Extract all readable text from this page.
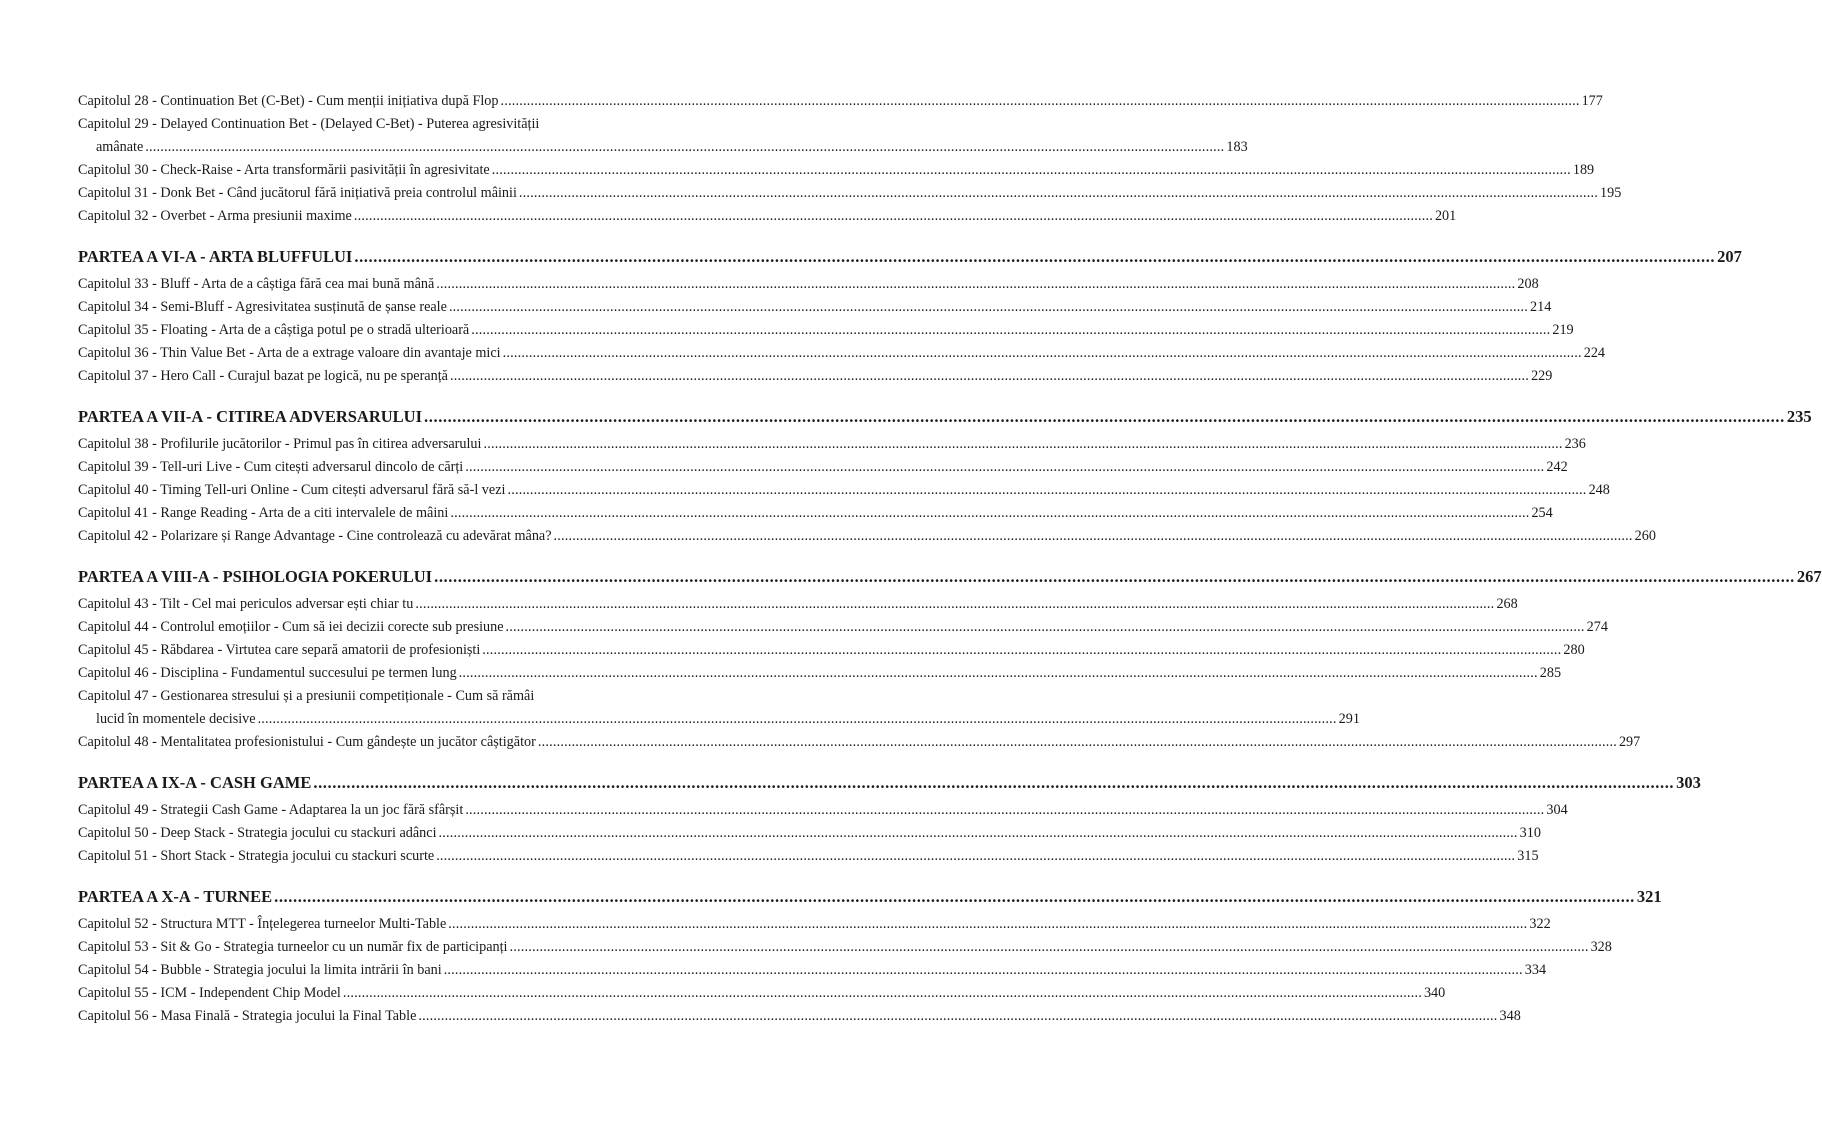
Capitolul 28 - Continuation Bet (C-Bet) - Cum menții inițiativa după Flop .....	177
Capitolul 29 - Delayed Continuation Bet - (Delayed C-Bet) - Puterea agresivității
amânate .....	183
Capitolul 30 - Check-Raise - Arta transformării pasivității în agresivitate .....	189
Capitolul 31 - Donk Bet - Când jucătorul fără inițiativă preia controlul mâinii .....	195
Capitolul 32 - Overbet - Arma presiunii maxime .....	201
PARTEA A VI-A - ARTA BLUFFULUI .....	207
Capitolul 33 - Bluff - Arta de a câștiga fără cea mai bună mână .....	208
Capitolul 34 - Semi-Bluff - Agresivitatea susținută de șanse reale .....	214
Capitolul 35 - Floating - Arta de a câștiga potul pe o stradă ulterioară .....	219
Capitolul 36 - Thin Value Bet - Arta de a extrage valoare din avantaje mici .....	224
Capitolul 37 - Hero Call - Curajul bazat pe logică, nu pe speranță .....	229
PARTEA A VII-A - CITIREA ADVERSARULUI .....	235
Capitolul 38 - Profilurile jucătorilor - Primul pas în citirea adversarului .....	236
Capitolul 39 - Tell-uri Live - Cum citești adversarul dincolo de cărți .....	242
Capitolul 40 - Timing Tell-uri Online - Cum citești adversarul fără să-l vezi .....	248
Capitolul 41 - Range Reading - Arta de a citi intervalele de mâini .....	254
Capitolul 42 - Polarizare și Range Advantage - Cine controlează cu adevărat mâna? .....	260
PARTEA A VIII-A - PSIHOLOGIA POKERULUI .....	267
Capitolul 43 - Tilt - Cel mai periculos adversar ești chiar tu .....	268
Capitolul 44 - Controlul emoțiilor - Cum să iei decizii corecte sub presiune .....	274
Capitolul 45 - Răbdarea - Virtutea care separă amatorii de profesioniști .....	280
Capitolul 46 - Disciplina - Fundamentul succesului pe termen lung .....	285
Capitolul 47 - Gestionarea stresului și a presiunii competiționale - Cum să rămâi
lucid în momentele decisive .....	291
Capitolul 48 - Mentalitatea profesionistului - Cum gândește un jucător câștigător .....	297
PARTEA A IX-A - CASH GAME .....	303
Capitolul 49 - Strategii Cash Game - Adaptarea la un joc fără sfârșit .....	304
Capitolul 50 - Deep Stack - Strategia jocului cu stackuri adânci .....	310
Capitolul 51 - Short Stack - Strategia jocului cu stackuri scurte .....	315
PARTEA A X-A - TURNEE .....	321
Capitolul 52 - Structura MTT - Înțelegerea turneelor Multi-Table .....	322
Capitolul 53 - Sit & Go - Strategia turneelor cu un număr fix de participanți .....	328
Capitolul 54 - Bubble - Strategia jocului la limita intrării în bani .....	334
Capitolul 55 - ICM - Independent Chip Model .....	340
Capitolul 56 - Masa Finală - Strategia jocului la Final Table .....	348
